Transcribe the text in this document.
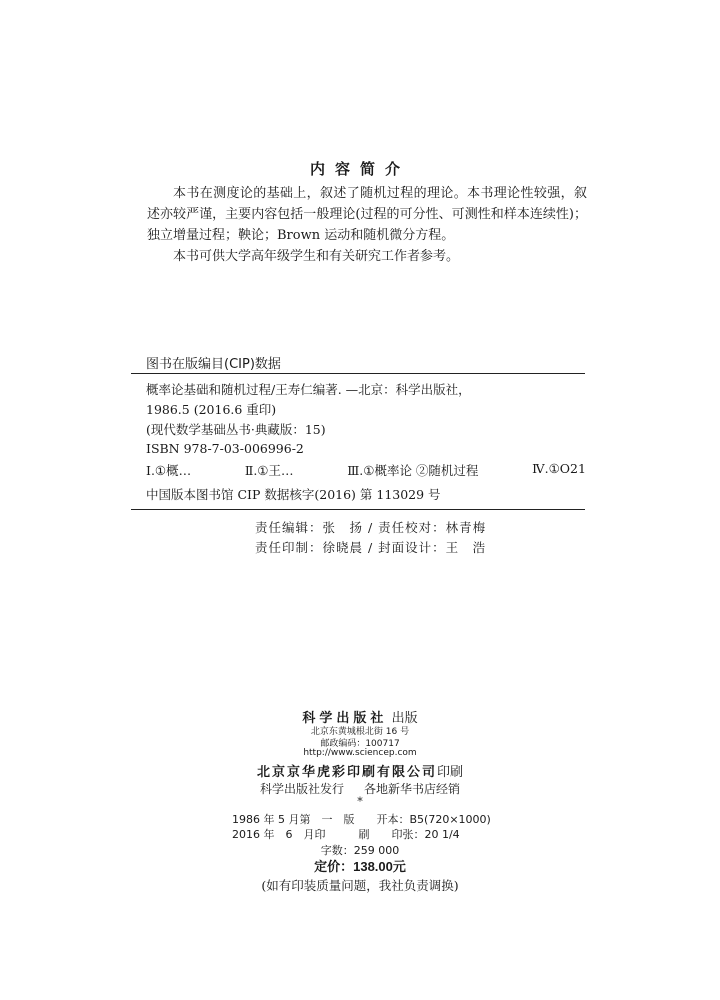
内容简介

本书在测度论的基础上，叙述了随机过程的理论。本书理论性较强，叙述亦较严谨，主要内容包括一般理论(过程的可分性、可测性和样本连续性)；独立增量过程；鞅论；Brown 运动和随机微分方程。

本书可供大学高年级学生和有关研究工作者参考。

图书在版编目(CIP)数据
概率论基础和随机过程/王寿仁编著. —北京：科学出版社，
1986.5 (2016.6 重印)
(现代数学基础丛书·典藏版：15)
ISBN 978-7-03-006996-2
Ⅰ.①概…	Ⅱ.①王…	Ⅲ.①概率论 ②随机过程	Ⅳ.①O21
中国版本图书馆 CIP 数据核字(2016) 第 113029 号
责任编辑：张　扬 / 责任校对：林青梅
责任印制：徐晓晨 / 封面设计：王　浩
科学出版社 出版
北京东黄城根北街 16 号
邮政编码：100717
http://www.sciencep.com
北京京华虎彩印刷有限公司印刷
科学出版社发行 各地新华书店经销
*
1986 年 5 月第　一　版　　开本：B5(720×1000)
2016 年　6　月印　　　刷　　印张：20 1/4
字数：259 000
定价：138.00元
(如有印装质量问题，我社负责调换)
